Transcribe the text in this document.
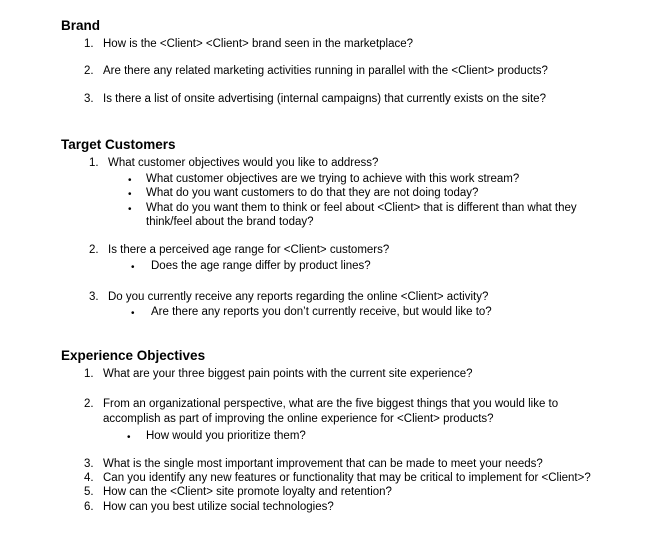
Brand
1. How is the <Client> <Client> brand seen in the marketplace?
2. Are there any related marketing activities running in parallel with the <Client> products?
3. Is there a list of onsite advertising (internal campaigns) that currently exists on the site?
Target Customers
1. What customer objectives would you like to address?
• What customer objectives are we trying to achieve with this work stream?
• What do you want customers to do that they are not doing today?
• What do you want them to think or feel about <Client> that is different than what they
think/feel about the brand today?
2. Is there a perceived age range for <Client> customers?
• Does the age range differ by product lines?
3. Do you currently receive any reports regarding the online <Client> activity?
• Are there any reports you don’t currently receive, but would like to?
Experience Objectives
1. What are your three biggest pain points with the current site experience?
2. From an organizational perspective, what are the five biggest things that you would like to
accomplish as part of improving the online experience for <Client> products?
• How would you prioritize them?
3. What is the single most important improvement that can be made to meet your needs?
4. Can you identify any new features or functionality that may be critical to implement for <Client>?
5. How can the <Client> site promote loyalty and retention?
6. How can you best utilize social technologies?
